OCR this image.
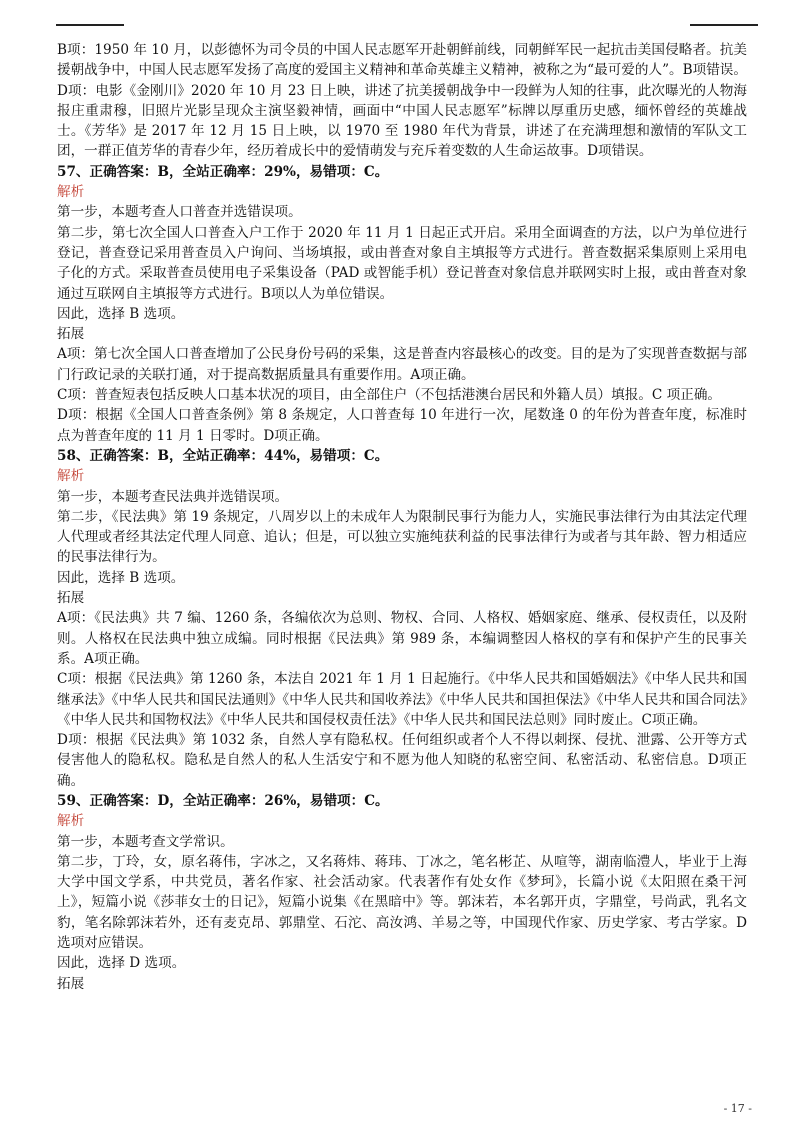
B项：1950 年 10 月，以彭德怀为司令员的中国人民志愿军开赴朝鲜前线，同朝鲜军民一起抗击美国侵略者。抗美援朝战争中，中国人民志愿军发扬了高度的爱国主义精神和革命英雄主义精神，被称之为“最可爱的人”。B项错误。

D项：电影《金刚川》2020 年 10 月 23 日上映，讲述了抗美援朝战争中一段鲜为人知的往事，此次曝光的人物海报庄重肃穆，旧照片光影呈现众主演坚毅神情，画面中“中国人民志愿军”标牌以厚重历史感，缅怀曾经的英雄战士。《芳华》是 2017 年 12 月 15 日上映，以 1970 至 1980 年代为背景，讲述了在充满理想和激情的军队文工团，一群正值芳华的青春少年，经历着成长中的爱情萌发与充斥着变数的人生命运故事。D项错误。

57、正确答案：B，全站正确率：29%，易错项：C。

解析

第一步，本题考查人口普查并选错误项。

第二步，第七次全国人口普查入户工作于 2020 年 11 月 1 日起正式开启。采用全面调查的方法，以户为单位进行登记，普查登记采用普查员入户询问、当场填报，或由普查对象自主填报等方式进行。普查数据采集原则上采用电子化的方式。采取普查员使用电子采集设备（PAD 或智能手机）登记普查对象信息并联网实时上报，或由普查对象通过互联网自主填报等方式进行。B项以人为单位错误。

因此，选择 B 选项。

拓展

A项：第七次全国人口普查增加了公民身份号码的采集，这是普查内容最核心的改变。目的是为了实现普查数据与部门行政记录的关联打通，对于提高数据质量具有重要作用。A项正确。

C项：普查短表包括反映人口基本状况的项目，由全部住户（不包括港澳台居民和外籍人员）填报。C 项正确。

D项：根据《全国人口普查条例》第 8 条规定，人口普查每 10 年进行一次，尾数逢 0 的年份为普查年度，标准时点为普查年度的 11 月 1 日零时。D项正确。

58、正确答案：B，全站正确率：44%，易错项：C。

解析

第一步，本题考查民法典并选错误项。

第二步，《民法典》第 19 条规定，八周岁以上的未成年人为限制民事行为能力人，实施民事法律行为由其法定代理人代理或者经其法定代理人同意、追认；但是，可以独立实施纯获利益的民事法律行为或者与其年龄、智力相适应的民事法律行为。

因此，选择 B 选项。

拓展

A项：《民法典》共 7 编、1260 条，各编依次为总则、物权、合同、人格权、婚姻家庭、继承、侵权责任，以及附则。人格权在民法典中独立成编。同时根据《民法典》第 989 条，本编调整因人格权的享有和保护产生的民事关系。A项正确。

C项：根据《民法典》第 1260 条，本法自 2021 年 1 月 1 日起施行。《中华人民共和国婚姻法》《中华人民共和国继承法》《中华人民共和国民法通则》《中华人民共和国收养法》《中华人民共和国担保法》《中华人民共和国合同法》《中华人民共和国物权法》《中华人民共和国侵权责任法》《中华人民共和国民法总则》同时废止。C项正确。

D项：根据《民法典》第 1032 条，自然人享有隐私权。任何组织或者个人不得以刺探、侵扰、泄露、公开等方式侵害他人的隐私权。隐私是自然人的私人生活安宁和不愿为他人知晓的私密空间、私密活动、私密信息。D项正确。

59、正确答案：D，全站正确率：26%，易错项：C。

解析

第一步，本题考查文学常识。

第二步，丁玲，女，原名蒋伟，字冰之，又名蒋炜、蒋玮、丁冰之，笔名彬芷、从喧等，湖南临澧人，毕业于上海大学中国文学系，中共党员，著名作家、社会活动家。代表著作有处女作《梦珂》，长篇小说《太阳照在桑干河上》，短篇小说《莎菲女士的日记》，短篇小说集《在黑暗中》等。郭沫若，本名郭开贞，字鼎堂，号尚武，乳名文豹，笔名除郭沫若外，还有麦克昂、郭鼎堂、石沱、高汝鸿、羊易之等，中国现代作家、历史学家、考古学家。D选项对应错误。

因此，选择 D 选项。

拓展

- 17 -
